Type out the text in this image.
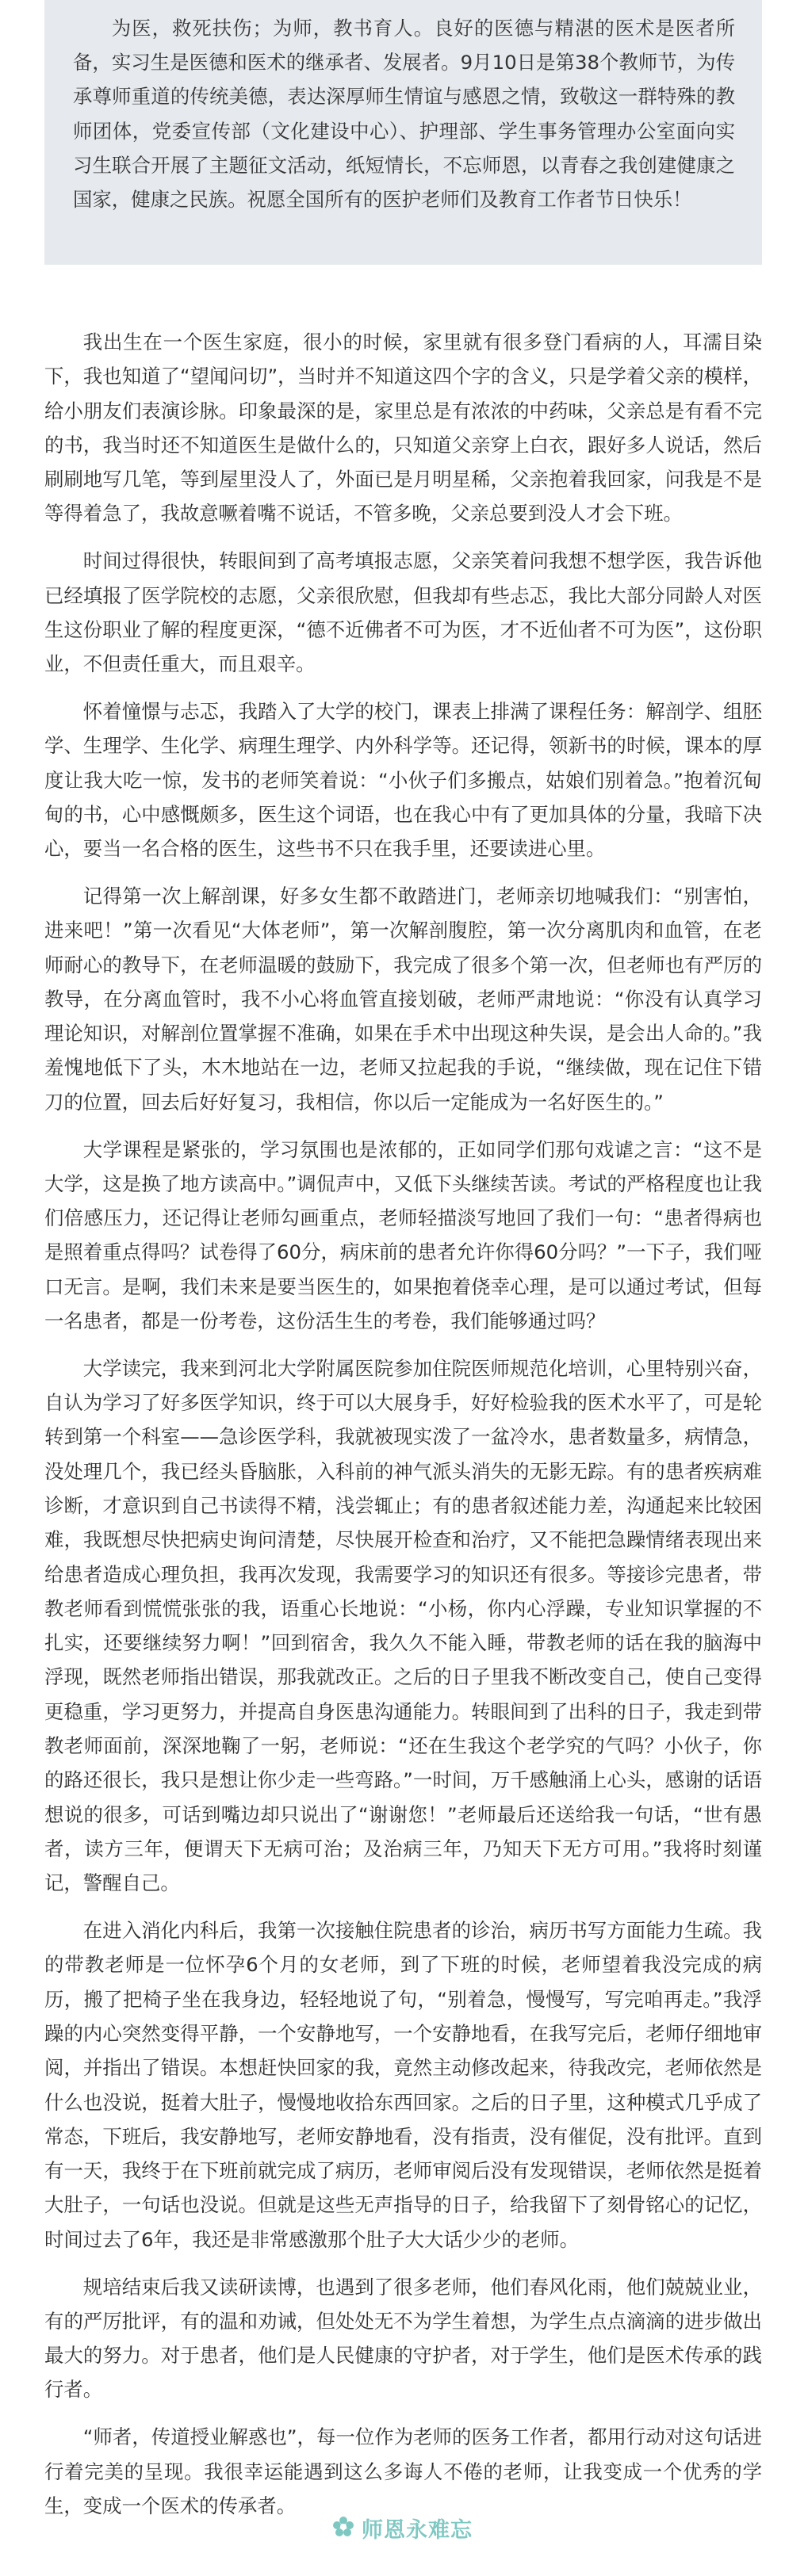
为医，救死扶伤；为师，教书育人。良好的医德与精湛的医术是医者所备，实习生是医德和医术的继承者、发展者。9月10日是第38个教师节，为传承尊师重道的传统美德，表达深厚师生情谊与感恩之情，致敬这一群特殊的教师团体，党委宣传部（文化建设中心）、护理部、学生事务管理办公室面向实习生联合开展了主题征文活动，纸短情长，不忘师恩，以青春之我创建健康之国家，健康之民族。祝愿全国所有的医护老师们及教育工作者节日快乐！

我出生在一个医生家庭，很小的时候，家里就有很多登门看病的人，耳濡目染下，我也知道了“望闻问切”，当时并不知道这四个字的含义，只是学着父亲的模样，给小朋友们表演诊脉。印象最深的是，家里总是有浓浓的中药味，父亲总是有看不完的书，我当时还不知道医生是做什么的，只知道父亲穿上白衣，跟好多人说话，然后刷刷地写几笔，等到屋里没人了，外面已是月明星稀，父亲抱着我回家，问我是不是等得着急了，我故意噘着嘴不说话，不管多晚，父亲总要到没人才会下班。

时间过得很快，转眼间到了高考填报志愿，父亲笑着问我想不想学医，我告诉他已经填报了医学院校的志愿，父亲很欣慰，但我却有些忐忑，我比大部分同龄人对医生这份职业了解的程度更深，“德不近佛者不可为医，才不近仙者不可为医”，这份职业，不但责任重大，而且艰辛。

怀着憧憬与忐忑，我踏入了大学的校门，课表上排满了课程任务：解剖学、组胚学、生理学、生化学、病理生理学、内外科学等。还记得，领新书的时候，课本的厚度让我大吃一惊，发书的老师笑着说：“小伙子们多搬点，姑娘们别着急。”抱着沉甸甸的书，心中感慨颇多，医生这个词语，也在我心中有了更加具体的分量，我暗下决心，要当一名合格的医生，这些书不只在我手里，还要读进心里。

记得第一次上解剖课，好多女生都不敢踏进门，老师亲切地喊我们：“别害怕，进来吧！”第一次看见“大体老师”，第一次解剖腹腔，第一次分离肌肉和血管，在老师耐心的教导下，在老师温暖的鼓励下，我完成了很多个第一次，但老师也有严厉的教导，在分离血管时，我不小心将血管直接划破，老师严肃地说：“你没有认真学习理论知识，对解剖位置掌握不准确，如果在手术中出现这种失误，是会出人命的。”我羞愧地低下了头，木木地站在一边，老师又拉起我的手说，“继续做，现在记住下错刀的位置，回去后好好复习，我相信，你以后一定能成为一名好医生的。”

大学课程是紧张的，学习氛围也是浓郁的，正如同学们那句戏谑之言：“这不是大学，这是换了地方读高中。”调侃声中，又低下头继续苦读。考试的严格程度也让我们倍感压力，还记得让老师勾画重点，老师轻描淡写地回了我们一句：“患者得病也是照着重点得吗？试卷得了60分，病床前的患者允许你得60分吗？”一下子，我们哑口无言。是啊，我们未来是要当医生的，如果抱着侥幸心理，是可以通过考试，但每一名患者，都是一份考卷，这份活生生的考卷，我们能够通过吗？

大学读完，我来到河北大学附属医院参加住院医师规范化培训，心里特别兴奋，自认为学习了好多医学知识，终于可以大展身手，好好检验我的医术水平了，可是轮转到第一个科室——急诊医学科，我就被现实泼了一盆冷水，患者数量多，病情急，没处理几个，我已经头昏脑胀，入科前的神气派头消失的无影无踪。有的患者疾病难诊断，才意识到自己书读得不精，浅尝辄止；有的患者叙述能力差，沟通起来比较困难，我既想尽快把病史询问清楚，尽快展开检查和治疗，又不能把急躁情绪表现出来给患者造成心理负担，我再次发现，我需要学习的知识还有很多。等接诊完患者，带教老师看到慌慌张张的我，语重心长地说：“小杨，你内心浮躁，专业知识掌握的不扎实，还要继续努力啊！”回到宿舍，我久久不能入睡，带教老师的话在我的脑海中浮现，既然老师指出错误，那我就改正。之后的日子里我不断改变自己，使自己变得更稳重，学习更努力，并提高自身医患沟通能力。转眼间到了出科的日子，我走到带教老师面前，深深地鞠了一躬，老师说：“还在生我这个老学究的气吗？小伙子，你的路还很长，我只是想让你少走一些弯路。”一时间，万千感触涌上心头，感谢的话语想说的很多，可话到嘴边却只说出了“谢谢您！”老师最后还送给我一句话，“世有愚者，读方三年，便谓天下无病可治；及治病三年，乃知天下无方可用。”我将时刻谨记，警醒自己。

在进入消化内科后，我第一次接触住院患者的诊治，病历书写方面能力生疏。我的带教老师是一位怀孕6个月的女老师，到了下班的时候，老师望着我没完成的病历，搬了把椅子坐在我身边，轻轻地说了句，“别着急，慢慢写，写完咱再走。”我浮躁的内心突然变得平静，一个安静地写，一个安静地看，在我写完后，老师仔细地审阅，并指出了错误。本想赶快回家的我，竟然主动修改起来，待我改完，老师依然是什么也没说，挺着大肚子，慢慢地收拾东西回家。之后的日子里，这种模式几乎成了常态，下班后，我安静地写，老师安静地看，没有指责，没有催促，没有批评。直到有一天，我终于在下班前就完成了病历，老师审阅后没有发现错误，老师依然是挺着大肚子，一句话也没说。但就是这些无声指导的日子，给我留下了刻骨铭心的记忆，时间过去了6年，我还是非常感激那个肚子大大话少少的老师。

规培结束后我又读研读博，也遇到了很多老师，他们春风化雨，他们兢兢业业，有的严厉批评，有的温和劝诫，但处处无不为学生着想，为学生点点滴滴的进步做出最大的努力。对于患者，他们是人民健康的守护者，对于学生，他们是医术传承的践行者。

“师者，传道授业解惑也”，每一位作为老师的医务工作者，都用行动对这句话进行着完美的呈现。我很幸运能遇到这么多诲人不倦的老师，让我变成一个优秀的学生，变成一个医术的传承者。

师恩永难忘
